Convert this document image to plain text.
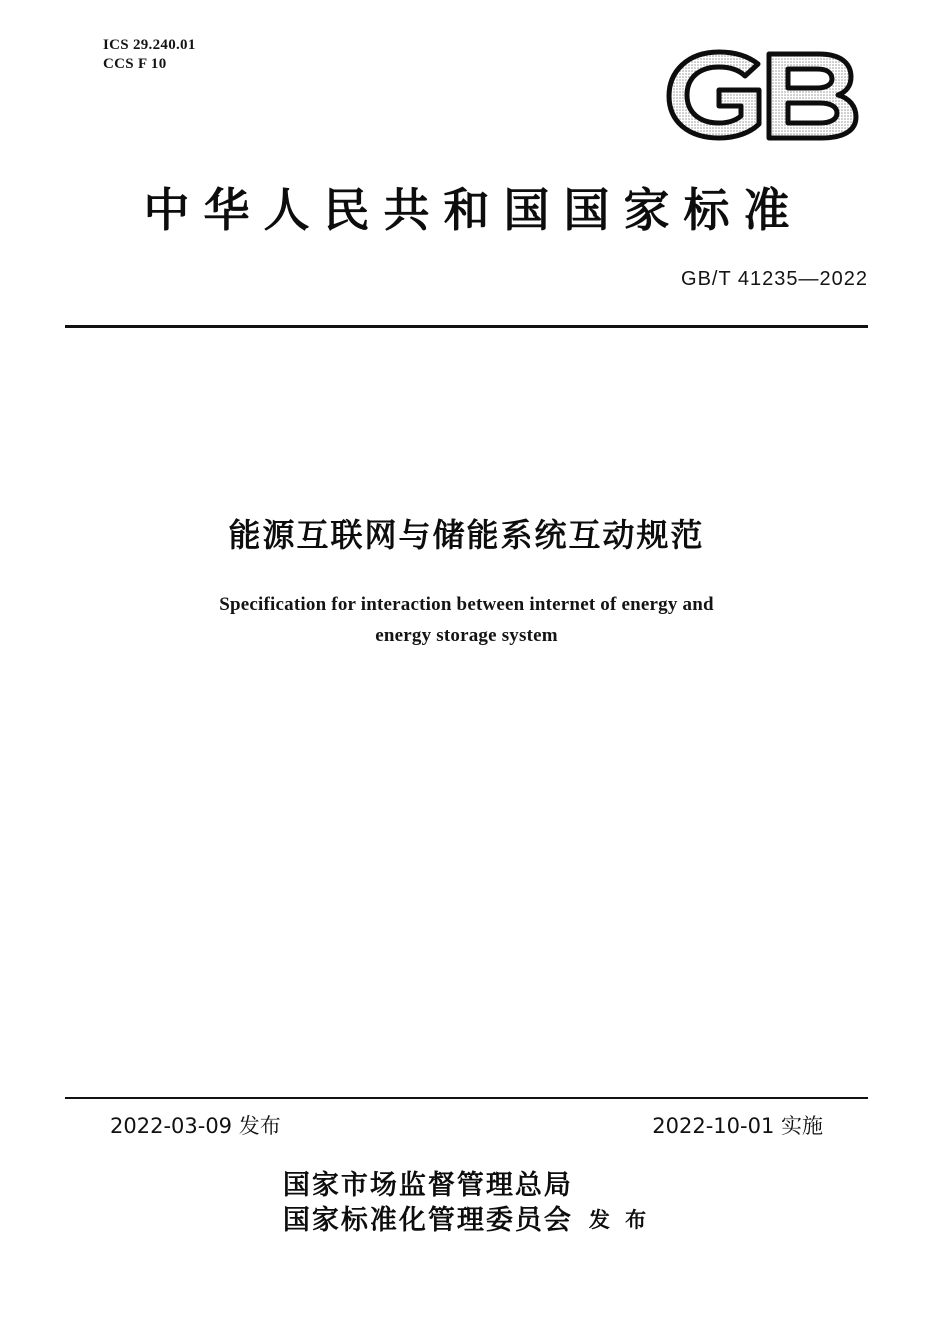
ICS 29.240.01
CCS F 10
中华人民共和国国家标准
GB/T 41235—2022
能源互联网与储能系统互动规范
Specification for interaction between internet of energy and
energy storage system
2022-03-09 发布	2022-10-01 实施
国家市场监督管理总局
国家标准化管理委员会 发 布
